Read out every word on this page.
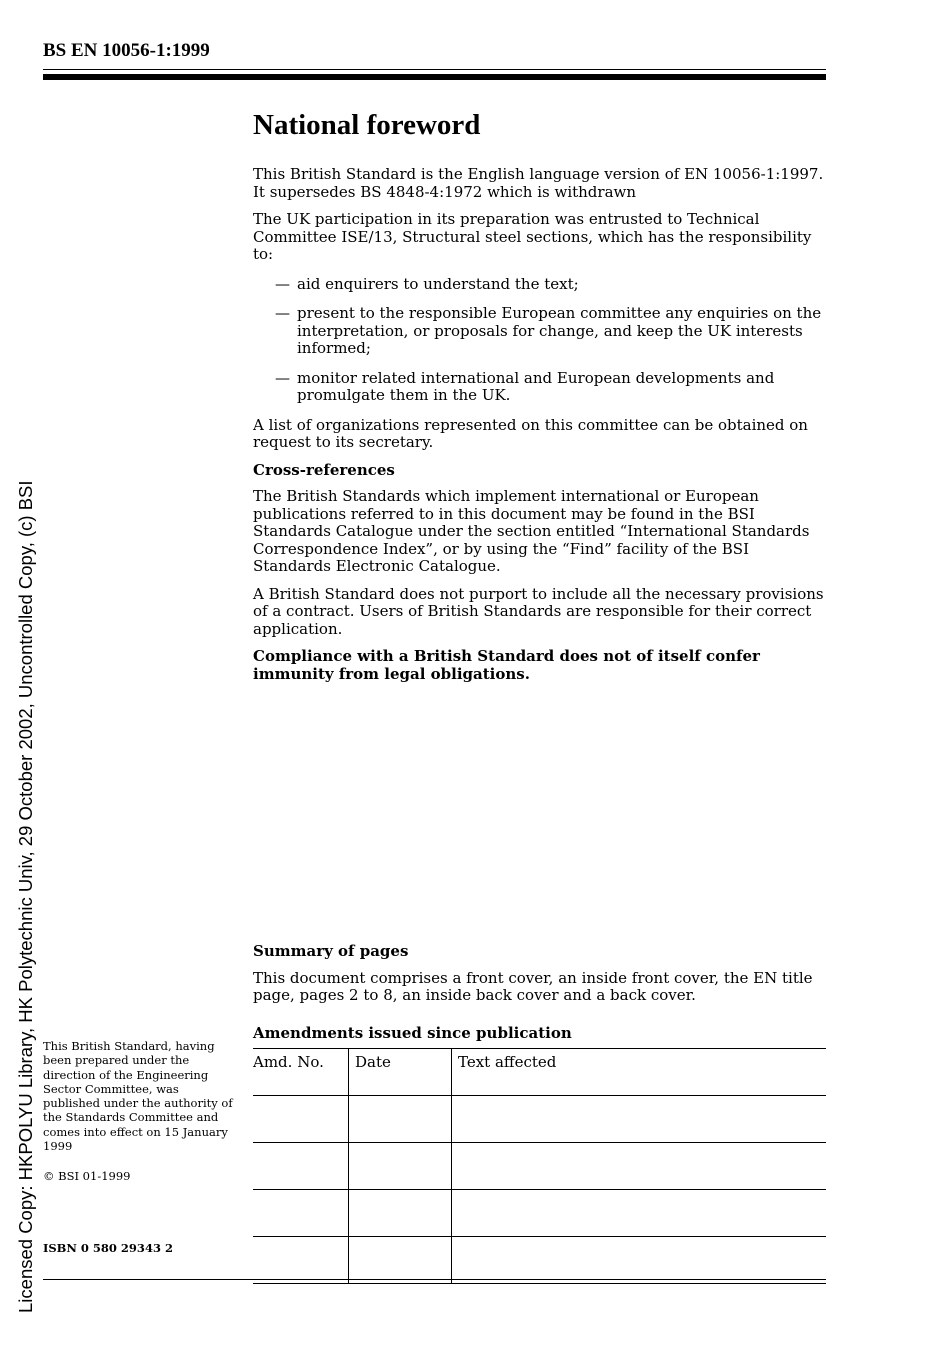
BS EN 10056-1:1999
Licensed Copy: HKPOLYU Library, HK Polytechnic Univ, 29 October 2002, Uncontrolled Copy, (c) BSI
National foreword

This British Standard is the English language version of EN 10056-1:1997. It supersedes BS 4848-4:1972 which is withdrawn

The UK participation in its preparation was entrusted to Technical Committee ISE/13, Structural steel sections, which has the responsibility to:

— aid enquirers to understand the text;
— present to the responsible European committee any enquiries on the interpretation, or proposals for change, and keep the UK interests informed;
— monitor related international and European developments and promulgate them in the UK.

A list of organizations represented on this committee can be obtained on request to its secretary.

Cross-references

The British Standards which implement international or European publications referred to in this document may be found in the BSI Standards Catalogue under the section entitled “International Standards Correspondence Index”, or by using the “Find” facility of the BSI Standards Electronic Catalogue.

A British Standard does not purport to include all the necessary provisions of a contract. Users of British Standards are responsible for their correct application.

Compliance with a British Standard does not of itself confer immunity from legal obligations.

Summary of pages

This document comprises a front cover, an inside front cover, the EN title page, pages 2 to 8, an inside back cover and a back cover.

Amendments issued since publication
Amd. No.	Date	Text affected

This British Standard, having been prepared under the direction of the Engineering Sector Committee, was published under the authority of the Standards Committee and comes into effect on 15 January 1999
© BSI 01-1999
ISBN 0 580 29343 2
